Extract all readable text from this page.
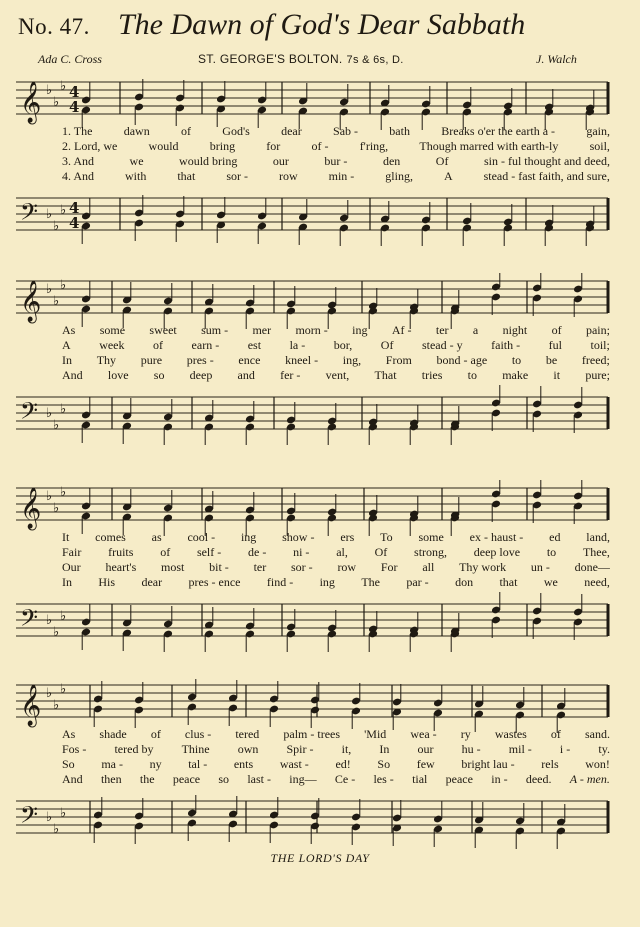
No. 47. The Dawn of God's Dear Sabbath
Ada C. Cross	ST. GEORGE'S BOLTON. 7s & 6s, D.	J. Walch
𝄞 ♭
♭
♭ 4
4
𝄢 ♭
♭
♭ 4
4
1. The	dawn	of	God's	dear	Sab -	bath	Breaks o'er the earth a -	gain,
2. Lord, we	would	bring	for	of -	f'ring,	Though marred with earth-ly	soil,
3. And	we	would bring	our	bur -	den	Of	sin - ful thought and deed,
4. And	with	that	sor -	row	min -	gling,	A	stead - fast faith, and sure,
𝄞 ♭
♭
♭
𝄢 ♭
♭
♭
As some sweet sum - mer morn - ing Af - ter a night of pain;
A week of earn - est la - bor, Of stead - y faith - ful toil;
In Thy pure pres - ence kneel - ing, From bond - age to be freed;
And love so deep and fer - vent, That tries to make it pure;
𝄞 ♭
♭
♭
𝄢 ♭
♭
♭
It comes as cool - ing show - ers To some ex - haust - ed land,
Fair fruits of self - de - ni - al, Of strong, deep love to Thee,
Our heart's most bit - ter sor - row For all Thy work un - done—
In His dear pres - ence find - ing The par - don that we need,
𝄞 ♭
♭
♭
𝄢 ♭
♭
♭
As shade of clus - tered palm - trees 'Mid wea - ry wastes of sand.
Fos - tered by Thine own Spir - it, In our hu - mil - i - ty.
So ma - ny tal - ents wast - ed! So few bright lau - rels won!
And then the peace so last - ing— Ce - les - tial peace in - deed. A - men.
THE LORD'S DAY
